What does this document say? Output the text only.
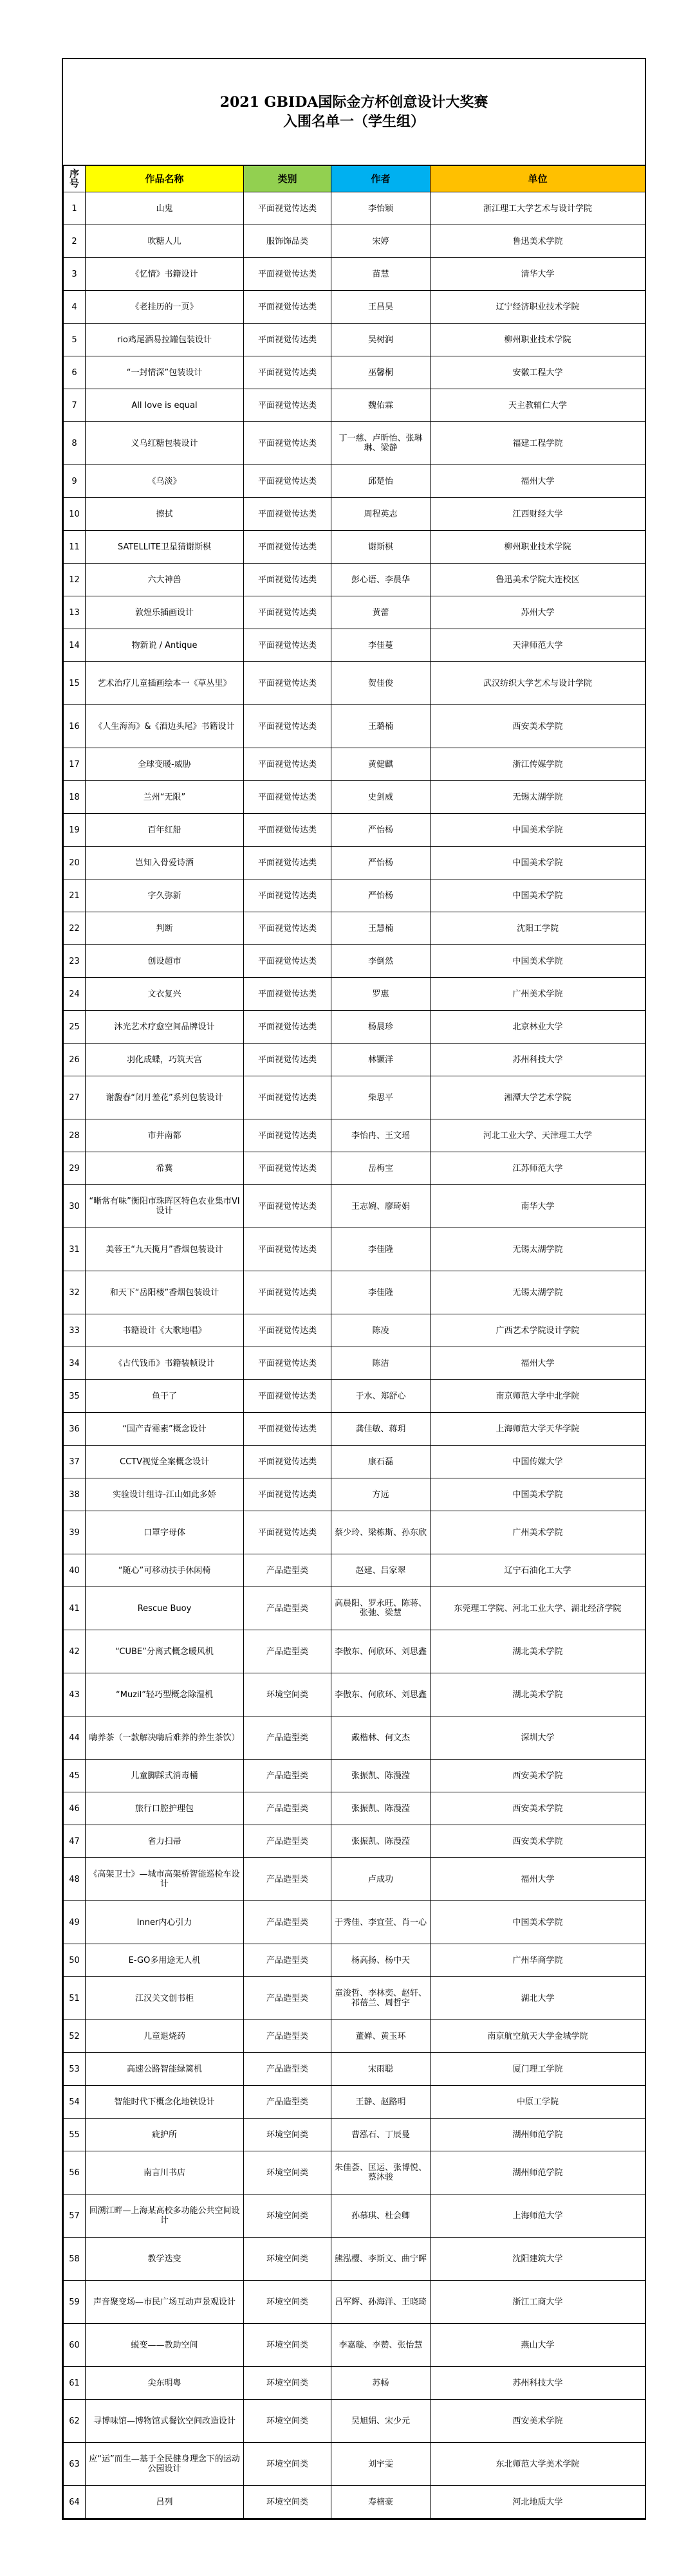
2021 GBIDA国际金方杯创意设计大奖赛
入围名单一（学生组）
序号	作品名称	类别	作者	单位
1	山鬼	平面视觉传达类	李怡颖	浙江理工大学艺术与设计学院
2	吹糖人儿	服饰饰品类	宋婷	鲁迅美术学院
3	《忆情》书籍设计	平面视觉传达类	苗慧	清华大学
4	《老挂历的一页》	平面视觉传达类	王昌昊	辽宁经济职业技术学院
5	rio鸡尾酒易拉罐包装设计	平面视觉传达类	吴树润	柳州职业技术学院
6	“一封情深”包装设计	平面视觉传达类	巫馨桐	安徽工程大学
7	All love is equal	平面视觉传达类	魏佑霖	天主教辅仁大学
8	义乌红糖包装设计	平面视觉传达类	丁一慈、卢昕怡、张琳琳、梁静	福建工程学院
9	《乌淡》	平面视觉传达类	邱楚怡	福州大学
10	擦拭	平面视觉传达类	周程英志	江西财经大学
11	SATELLITE卫星猜谢斯棋	平面视觉传达类	谢斯棋	柳州职业技术学院
12	六大神兽	平面视觉传达类	彭心语、李晨华	鲁迅美术学院大连校区
13	敦煌乐插画设计	平面视觉传达类	黄蕾	苏州大学
14	物新说 / Antique	平面视觉传达类	李佳蔓	天津师范大学
15	艺术治疗儿童插画绘本一《草丛里》	平面视觉传达类	贺佳俊	武汉纺织大学艺术与设计学院
16	《人生海海》&《酒边头尾》书籍设计	平面视觉传达类	王璐楠	西安美术学院
17	全球变暖-威胁	平面视觉传达类	黄健麒	浙江传媒学院
18	兰州“无限”	平面视觉传达类	史剑威	无锡太湖学院
19	百年红船	平面视觉传达类	严怡杨	中国美术学院
20	岂知入骨爱诗酒	平面视觉传达类	严怡杨	中国美术学院
21	字久弥新	平面视觉传达类	严怡杨	中国美术学院
22	判断	平面视觉传达类	王慧楠	沈阳工学院
23	创设超市	平面视觉传达类	李倒然	中国美术学院
24	文衣复兴	平面视觉传达类	罗惠	广州美术学院
25	沐光艺术疗愈空间品牌设计	平面视觉传达类	杨晨珍	北京林业大学
26	羽化成蝶，巧筑天宫	平面视觉传达类	林镢洋	苏州科技大学
27	谢馥春“闭月羞花”系列包装设计	平面视觉传达类	柴思平	湘潭大学艺术学院
28	市井南都	平面视觉传达类	李怡冉、王文瑶	河北工业大学、天津理工大学
29	希冀	平面视觉传达类	岳梅宝	江苏师范大学
30	“晰常有味”衡阳市珠晖区特色农业集市VI设计	平面视觉传达类	王志婉、廖琦娟	南华大学
31	美蓉王“九天揽月”香烟包装设计	平面视觉传达类	李佳隆	无锡太湖学院
32	和天下“岳阳楼”香烟包装设计	平面视觉传达类	李佳隆	无锡太湖学院
33	书籍设计《大歌地唱》	平面视觉传达类	陈凌	广西艺术学院设计学院
34	《古代钱币》书籍装帧设计	平面视觉传达类	陈洁	福州大学
35	鱼干了	平面视觉传达类	于水、郑舒心	南京师范大学中北学院
36	“国产青霉素”概念设计	平面视觉传达类	龚佳敏、蒋玥	上海师范大学天华学院
37	CCTV视觉全案概念设计	平面视觉传达类	康石磊	中国传媒大学
38	实验设计组诗-江山如此多娇	平面视觉传达类	方远	中国美术学院
39	口罩字母体	平面视觉传达类	蔡少玲、梁栋斯、孙东欣	广州美术学院
40	“随心”可移动扶手休闲椅	产品造型类	赵建、吕家翠	辽宁石油化工大学
41	Rescue Buoy	产品造型类	高晨阳、罗永旺、陈蒋、张弛、梁慧	东莞理工学院、河北工业大学、湖北经济学院
42	“CUBE”分离式概念暖风机	产品造型类	李傲东、何欣环、刘思鑫	湖北美术学院
43	“Muzil”轻巧型概念除湿机	环境空间类	李傲东、何欣环、刘思鑫	湖北美术学院
44	嗨养茶（一款解决嗨后难养的养生茶饮）	产品造型类	戴楷林、何文杰	深圳大学
45	儿童脚踩式消毒桶	产品造型类	张振凯、陈漫滢	西安美术学院
46	旅行口腔护理包	产品造型类	张振凯、陈漫滢	西安美术学院
47	省力扫帚	产品造型类	张振凯、陈漫滢	西安美术学院
48	《高架卫士》—城市高架桥智能巡检车设计	产品造型类	卢成功	福州大学
49	Inner内心引力	产品造型类	于秀佳、李宜萱、肖一心	中国美术学院
50	E-GO多用途无人机	产品造型类	杨高扬、杨中天	广州华商学院
51	江汉关文创书柜	产品造型类	童浚哲、李林奕、赵轩、祁蓓兰、周哲宇	湖北大学
52	儿童退烧药	产品造型类	董婵、黄玉环	南京航空航天大学金城学院
53	高速公路智能绿篱机	产品造型类	宋雨聪	厦门理工学院
54	智能时代下概念化地铁设计	产品造型类	王静、赵路明	中原工学院
55	疵护所	环境空间类	曹泓石、丁辰曼	湖州师范学院
56	南言川书店	环境空间类	朱佳荟、匡运、张博悦、蔡沐骏	湖州师范学院
57	回溯江畔—上海某高校多功能公共空间设计	环境空间类	孙慕琪、杜会卿	上海师范大学
58	教学迭变	环境空间类	熊泓樱、李斯文、曲宁晖	沈阳建筑大学
59	声音聚变场—市民广场互动声景观设计	环境空间类	吕军辉、孙海洋、王晓琦	浙江工商大学
60	蜕变——教助空间	环境空间类	李嘉璇、李赞、张怡慧	燕山大学
61	尖东明粤	环境空间类	苏畅	苏州科技大学
62	寻博味馆—博物馆式餐饮空间改造设计	环境空间类	吴旭娟、宋少元	西安美术学院
63	应“运”而生—基于全民健身理念下的运动公园设计	环境空间类	刘宇雯	东北师范大学美术学院
64	吕列	环境空间类	寿楠豪	河北地质大学
